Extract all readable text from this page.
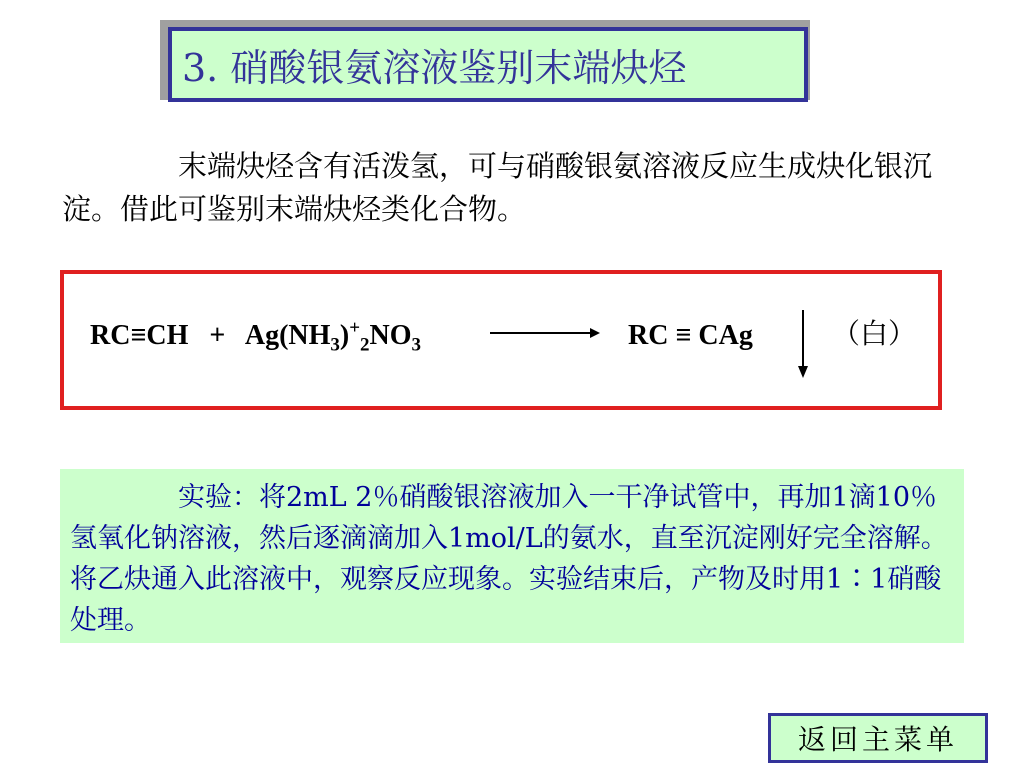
3. 硝酸银氨溶液鉴别末端炔烃
末端炔烃含有活泼氢，可与硝酸银氨溶液反应生成炔化银沉淀。借此可鉴别末端炔烃类化合物。
$RC\equiv CH + Ag(NH_3)^+_2NO_3$	RC ≡ CAg	（白）
实验：将2mL 2％硝酸银溶液加入一干净试管中，再加1滴10％氢氧化钠溶液，然后逐滴滴加入1mol/L的氨水，直至沉淀刚好完全溶解。将乙炔通入此溶液中，观察反应现象。实验结束后，产物及时用1∶1硝酸处理。
返回主菜单
